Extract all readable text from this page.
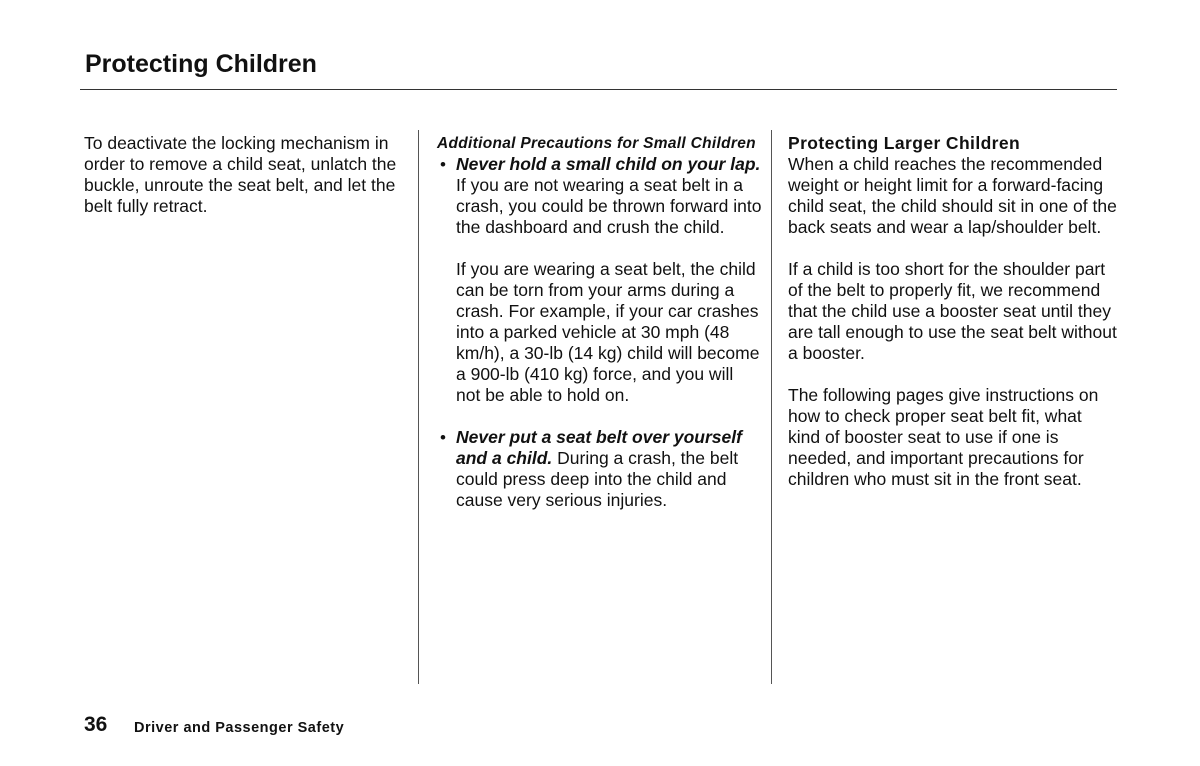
Protecting Children

To deactivate the locking mechanism in order to remove a child seat, unlatch the buckle, unroute the seat belt, and let the belt fully retract.

Additional Precautions for Small Children

• Never hold a small child on your lap. If you are not wearing a seat belt in a crash, you could be thrown forward into the dashboard and crush the child.

If you are wearing a seat belt, the child can be torn from your arms during a crash. For example, if your car crashes into a parked vehicle at 30 mph (48 km/h), a 30-lb (14 kg) child will become a 900-lb (410 kg) force, and you will not be able to hold on.

• Never put a seat belt over yourself and a child. During a crash, the belt could press deep into the child and cause very serious injuries.

Protecting Larger Children

When a child reaches the recommended weight or height limit for a forward-facing child seat, the child should sit in one of the back seats and wear a lap/shoulder belt.

If a child is too short for the shoulder part of the belt to properly fit, we recommend that the child use a booster seat until they are tall enough to use the seat belt without a booster.

The following pages give instructions on how to check proper seat belt fit, what kind of booster seat to use if one is needed, and important precautions for children who must sit in the front seat.

36 Driver and Passenger Safety
